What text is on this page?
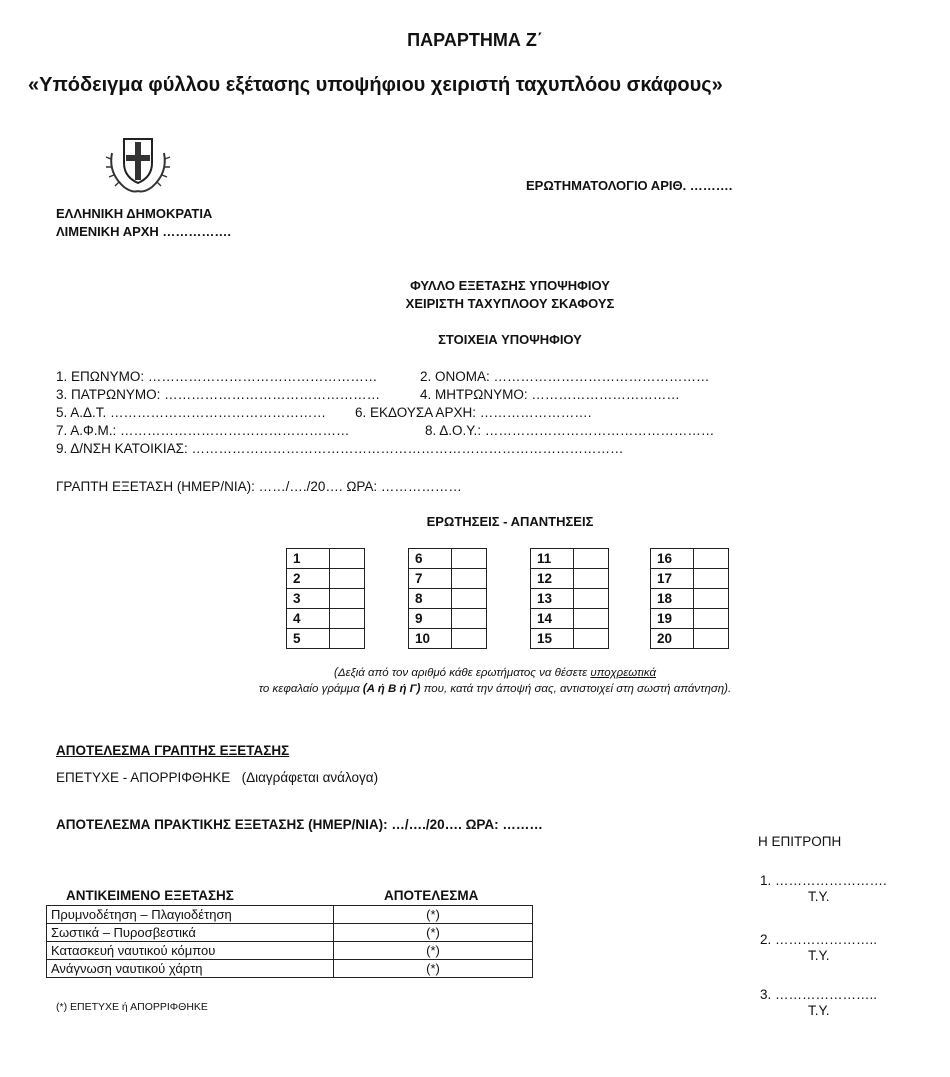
ΠΑΡΑΡΤΗΜΑ Ζ΄
«Υπόδειγμα φύλλου εξέτασης υποψήφιου χειριστή ταχυπλόου σκάφους»
ΕΡΩΤΗΜΑΤΟΛΟΓΙΟ ΑΡΙΘ. ……….
ΕΛΛΗΝΙΚΗ ΔΗΜΟΚΡΑΤΙΑ
ΛΙΜΕΝΙΚΗ ΑΡΧΗ …………….
ΦΥΛΛΟ ΕΞΕΤΑΣΗΣ ΥΠΟΨΗΦΙΟΥ
ΧΕΙΡΙΣΤΗ ΤΑΧΥΠΛΟΟΥ ΣΚΑΦΟΥΣ
ΣΤΟΙΧΕΙΑ ΥΠΟΨΗΦΙΟΥ
1. ΕΠΩΝΥΜΟ: ……………………………………………	2. ΟΝΟΜΑ: …………………………………………
3. ΠΑΤΡΩΝΥΜΟ: …………………………………………	4. ΜΗΤΡΩΝΥΜΟ: ……………………………
5. Α.Δ.Τ. ………………………………………… 6. ΕΚΔΟΥΣΑ ΑΡΧΗ: …………………….
7. Α.Φ.Μ.: ……………………………………………	8. Δ.Ο.Υ.: ……………………………………………
9. Δ/ΝΣΗ ΚΑΤΟΙΚΙΑΣ: ……………………………………………………………………………………
ΓΡΑΠΤΗ ΕΞΕΤΑΣΗ (ΗΜΕΡ/ΝΙΑ): ……/…./20…. ΩΡΑ: ………………
ΕΡΩΤΗΣΕΙΣ - ΑΠΑΝΤΗΣΕΙΣ
1	
2	
3	
4	
5	
6	
7	
8	
9	
10	
11	
12	
13	
14	
15	
16	
17	
18	
19	
20	
(Δεξιά από τον αριθμό κάθε ερωτήματος να θέσετε υποχρεωτικά
το κεφαλαίο γράμμα (Α ή Β ή Γ) που, κατά την άποψή σας, αντιστοιχεί στη σωστή απάντηση).
ΑΠΟΤΕΛΕΣΜΑ ΓΡΑΠΤΗΣ ΕΞΕΤΑΣΗΣ
ΕΠΕΤΥΧΕ - ΑΠΟΡΡΙΦΘΗΚΕ (Διαγράφεται ανάλογα)
ΑΠΟΤΕΛΕΣΜΑ ΠΡΑΚΤΙΚΗΣ ΕΞΕΤΑΣΗΣ (ΗΜΕΡ/ΝΙΑ): …/…./20…. ΩΡΑ: ………
Η ΕΠΙΤΡΟΠΗ
1. …………………….
Τ.Υ.
2. …………………..
Τ.Υ.
3. …………………..
Τ.Υ.
ΑΝΤΙΚΕΙΜΕΝΟ ΕΞΕΤΑΣΗΣ	ΑΠΟΤΕΛΕΣΜΑ
Πρυμνοδέτηση – Πλαγιοδέτηση	(*)
Σωστικά – Πυροσβεστικά	(*)
Κατασκευή ναυτικού κόμπου	(*)
Ανάγνωση ναυτικού χάρτη	(*)
(*) ΕΠΕΤΥΧΕ ή ΑΠΟΡΡΙΦΘΗΚΕ
